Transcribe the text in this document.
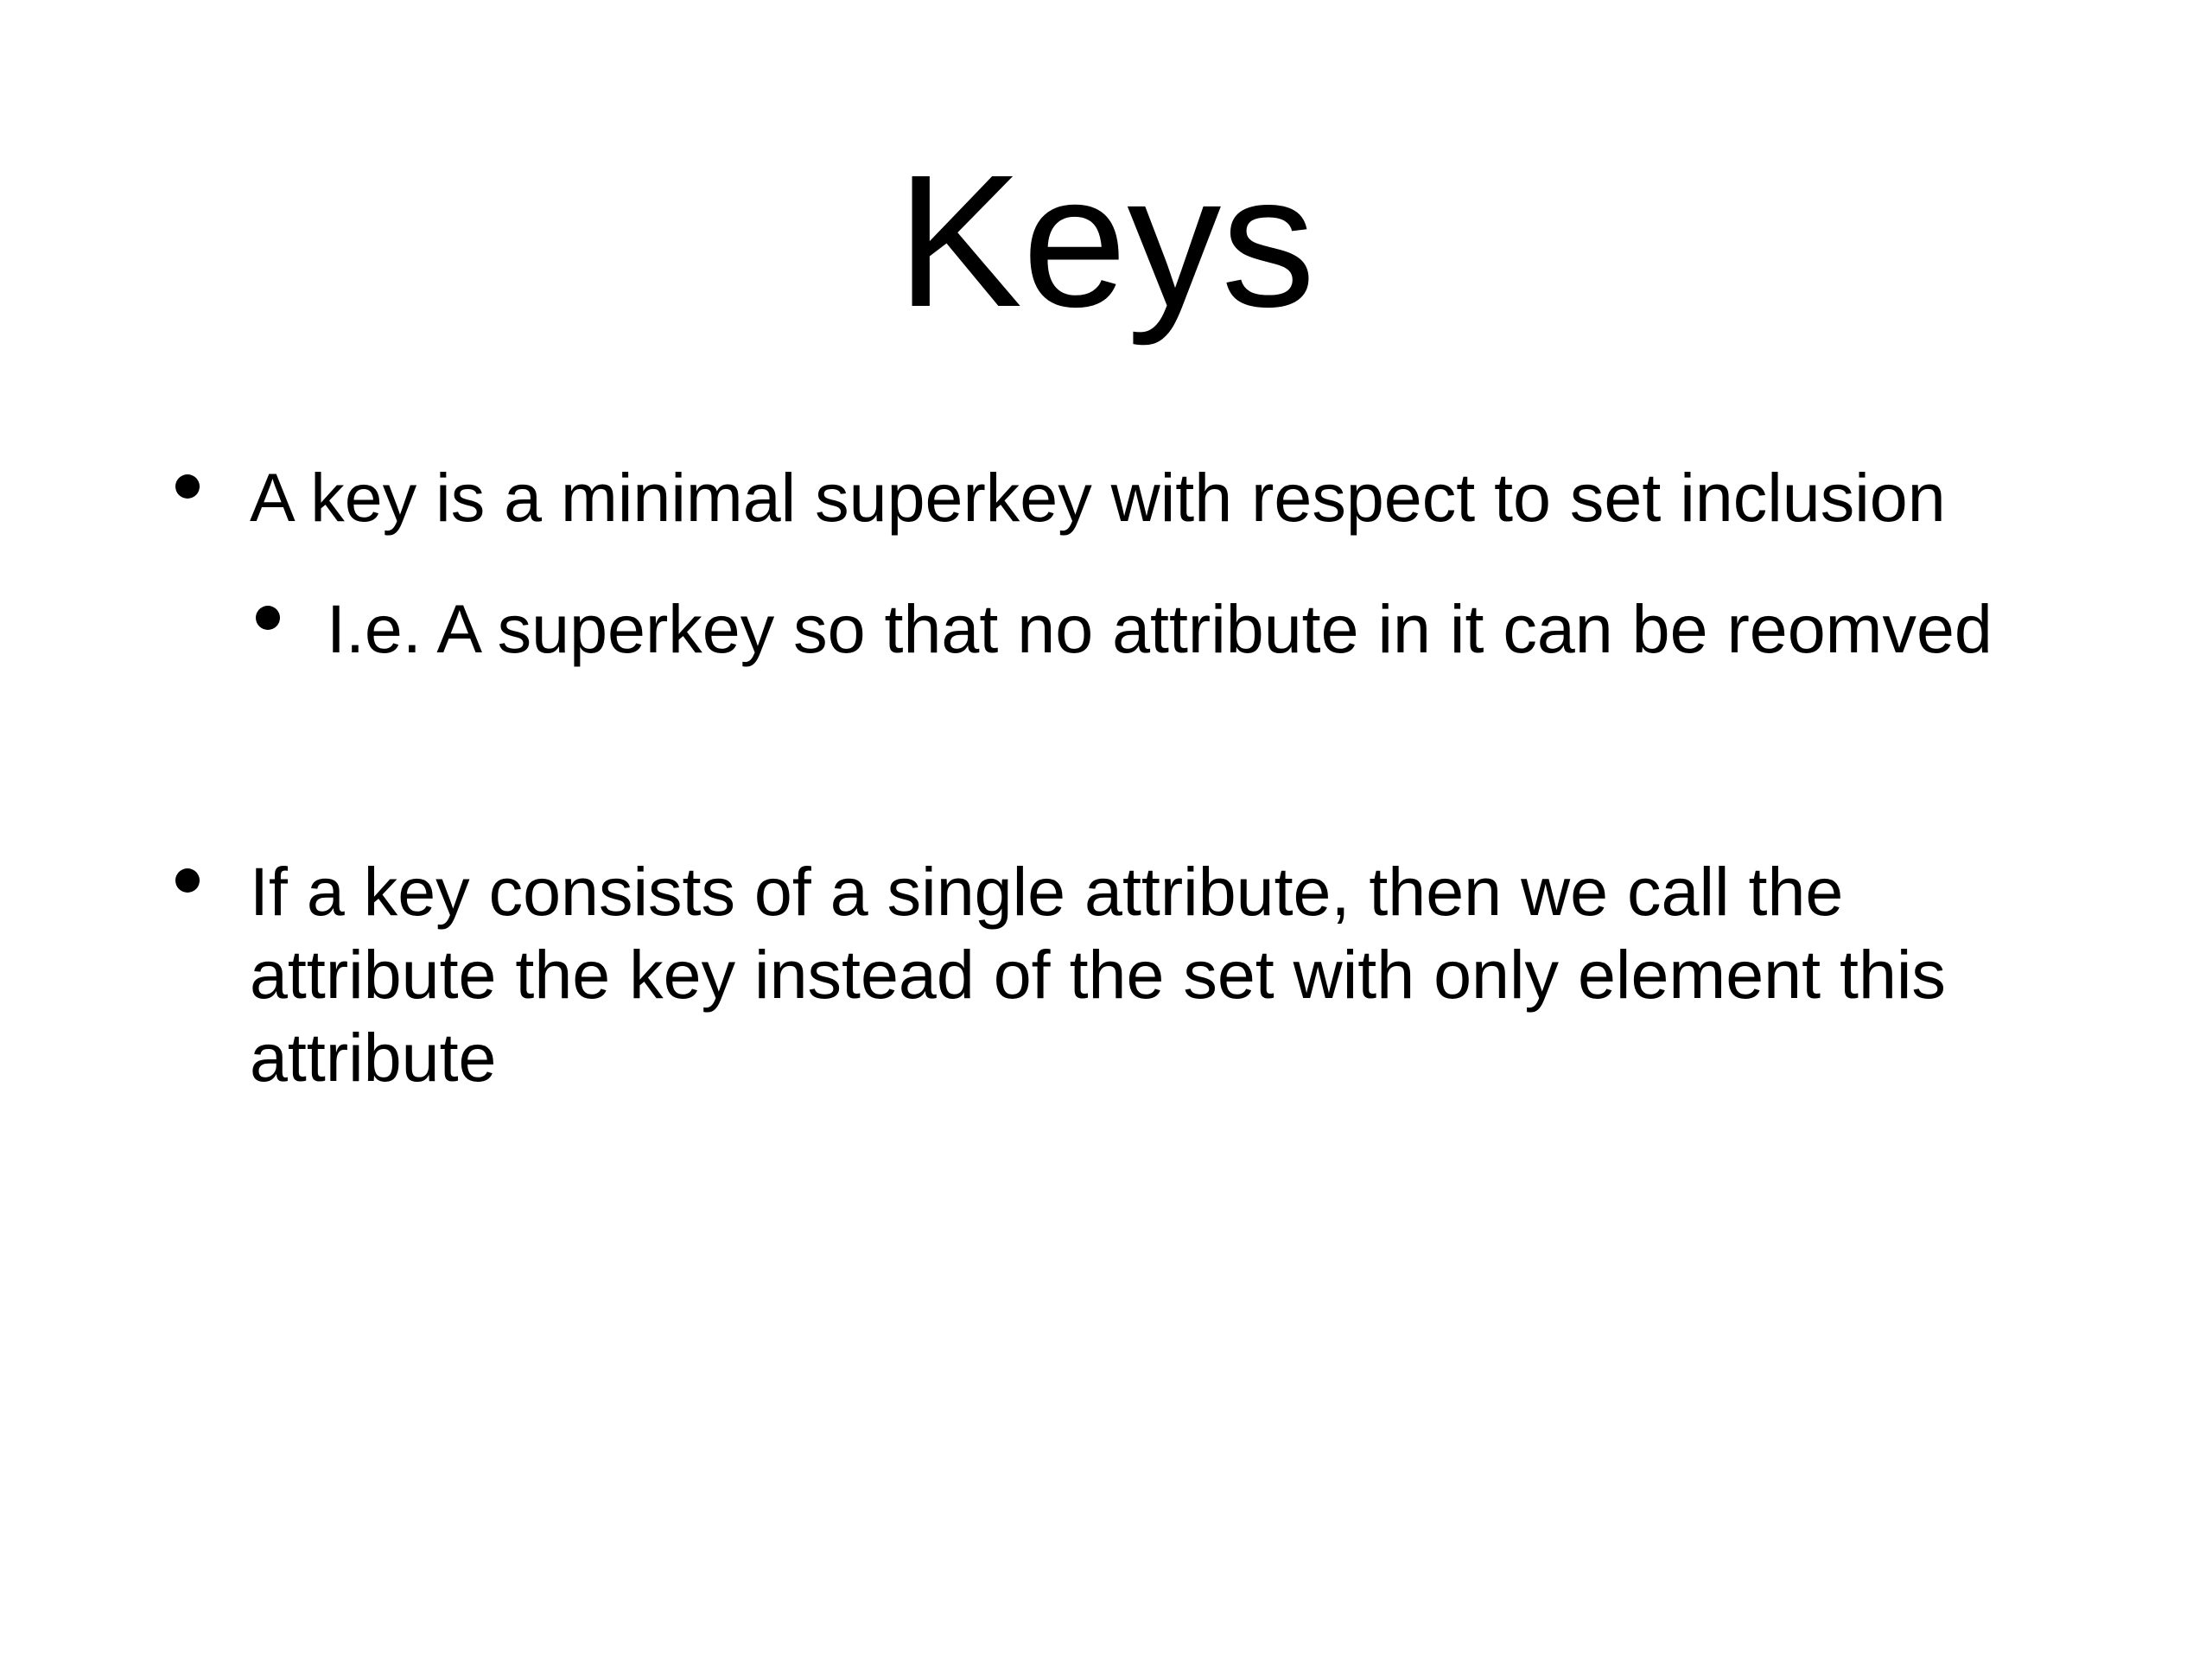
Keys
A key is a minimal superkey with respect to set inclusion
I.e. A superkey so that no attribute in it can be reomved
If a key consists of a single attribute, then we call the
attribute the key instead of the set with only element this
attribute
